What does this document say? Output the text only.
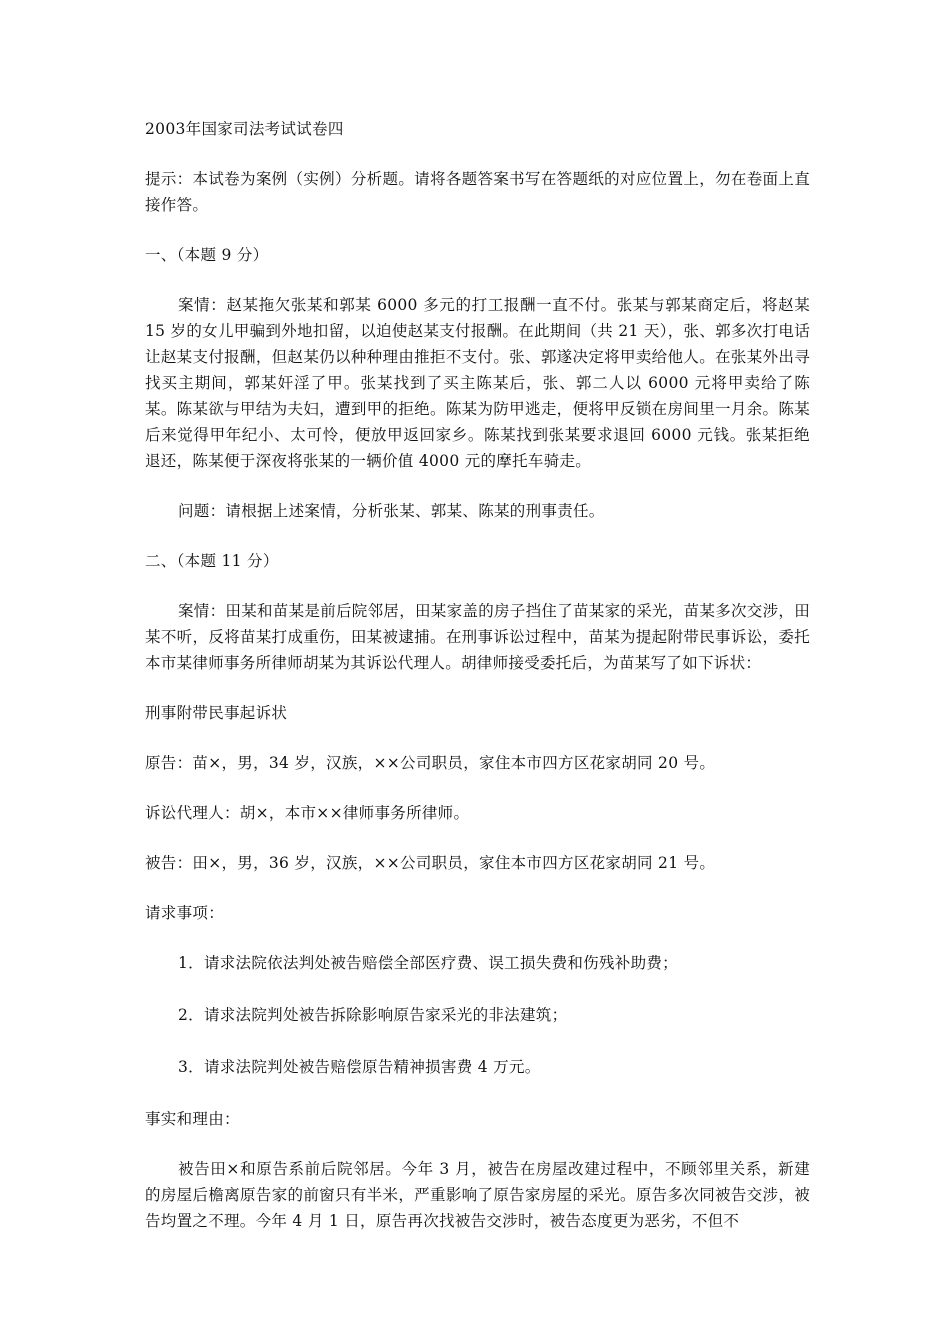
2003年国家司法考试试卷四

提示：本试卷为案例（实例）分析题。请将各题答案书写在答题纸的对应位置上，勿在卷面上直接作答。

一、（本题 9 分）

案情：赵某拖欠张某和郭某 6000 多元的打工报酬一直不付。张某与郭某商定后，将赵某 15 岁的女儿甲骗到外地扣留，以迫使赵某支付报酬。在此期间（共 21 天），张、郭多次打电话让赵某支付报酬，但赵某仍以种种理由推拒不支付。张、郭遂决定将甲卖给他人。在张某外出寻找买主期间，郭某奸淫了甲。张某找到了买主陈某后，张、郭二人以 6000 元将甲卖给了陈某。陈某欲与甲结为夫妇，遭到甲的拒绝。陈某为防甲逃走，便将甲反锁在房间里一月余。陈某后来觉得甲年纪小、太可怜，便放甲返回家乡。陈某找到张某要求退回 6000 元钱。张某拒绝退还，陈某便于深夜将张某的一辆价值 4000 元的摩托车骑走。

问题：请根据上述案情，分析张某、郭某、陈某的刑事责任。

二、（本题 11 分）

案情：田某和苗某是前后院邻居，田某家盖的房子挡住了苗某家的采光，苗某多次交涉，田某不听，反将苗某打成重伤，田某被逮捕。在刑事诉讼过程中，苗某为提起附带民事诉讼，委托本市某律师事务所律师胡某为其诉讼代理人。胡律师接受委托后，为苗某写了如下诉状：

刑事附带民事起诉状

原告：苗×，男，34 岁，汉族，××公司职员，家住本市四方区花家胡同 20 号。

诉讼代理人：胡×，本市××律师事务所律师。

被告：田×，男，36 岁，汉族，××公司职员，家住本市四方区花家胡同 21 号。

请求事项：

1．请求法院依法判处被告赔偿全部医疗费、误工损失费和伤残补助费；

2．请求法院判处被告拆除影响原告家采光的非法建筑；

3．请求法院判处被告赔偿原告精神损害费 4 万元。

事实和理由：

被告田×和原告系前后院邻居。今年 3 月，被告在房屋改建过程中，不顾邻里关系，新建的房屋后檐离原告家的前窗只有半米，严重影响了原告家房屋的采光。原告多次同被告交涉，被告均置之不理。今年 4 月 1 日，原告再次找被告交涉时，被告态度更为恶劣，不但不
